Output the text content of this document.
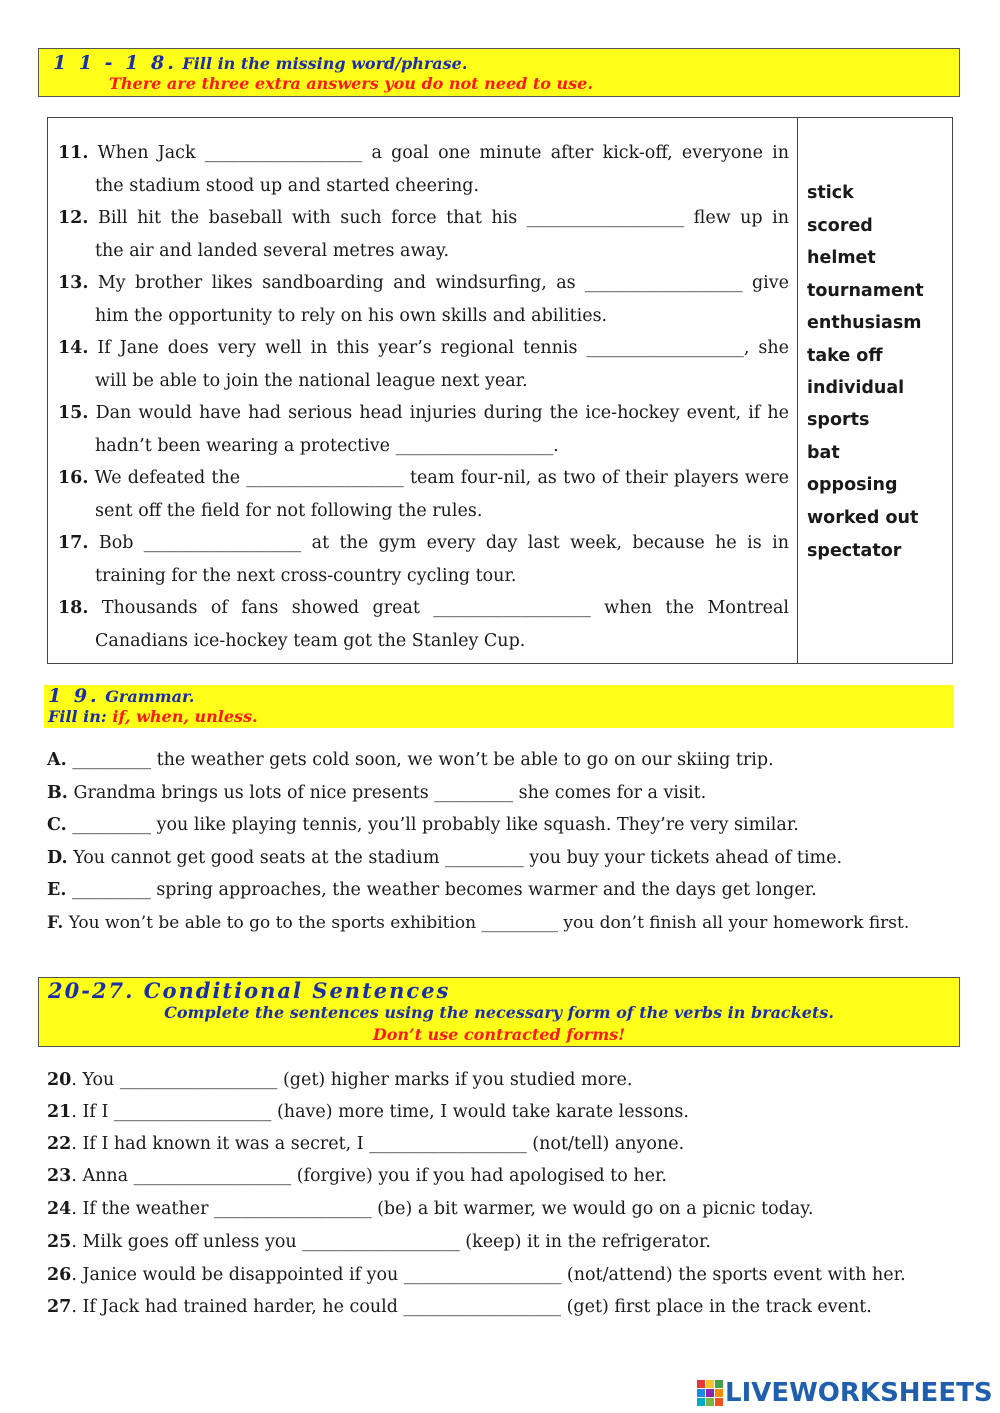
1 1 - 1 8. Fill in the missing word/phrase.
There are three extra answers you do not need to use.
11. When Jack __________________ a goal one minute after kick-off, everyone in
the stadium stood up and started cheering.
12. Bill hit the baseball with such force that his __________________ flew up in
the air and landed several metres away.
13. My brother likes sandboarding and windsurfing, as __________________ give
him the opportunity to rely on his own skills and abilities.
14. If Jane does very well in this year’s regional tennis __________________, she
will be able to join the national league next year.
15. Dan would have had serious head injuries during the ice-hockey event, if he
hadn’t been wearing a protective __________________.
16. We defeated the __________________ team four-nil, as two of their players were
sent off the field for not following the rules.
17. Bob __________________ at the gym every day last week, because he is in
training for the next cross-country cycling tour.
18. Thousands of fans showed great __________________ when the Montreal
Canadians ice-hockey team got the Stanley Cup.
stick
scored
helmet
tournament
enthusiasm
take off
individual
sports
bat
opposing
worked out
spectator
1 9. Grammar.
Fill in: if, when, unless.
A. _________ the weather gets cold soon, we won’t be able to go on our skiing trip.
B. Grandma brings us lots of nice presents _________ she comes for a visit.
C. _________ you like playing tennis, you’ll probably like squash. They’re very similar.
D. You cannot get good seats at the stadium _________ you buy your tickets ahead of time.
E. _________ spring approaches, the weather becomes warmer and the days get longer.
F. You won’t be able to go to the sports exhibition _________ you don’t finish all your homework first.
20-27. Conditional Sentences
Complete the sentences using the necessary form of the verbs in brackets.
Don’t use contracted forms!
20. You __________________ (get) higher marks if you studied more.
21. If I __________________ (have) more time, I would take karate lessons.
22. If I had known it was a secret, I __________________ (not/tell) anyone.
23. Anna __________________ (forgive) you if you had apologised to her.
24. If the weather __________________ (be) a bit warmer, we would go on a picnic today.
25. Milk goes off unless you __________________ (keep) it in the refrigerator.
26. Janice would be disappointed if you __________________ (not/attend) the sports event with her.
27. If Jack had trained harder, he could __________________ (get) first place in the track event.
LIVEWORKSHEETS
